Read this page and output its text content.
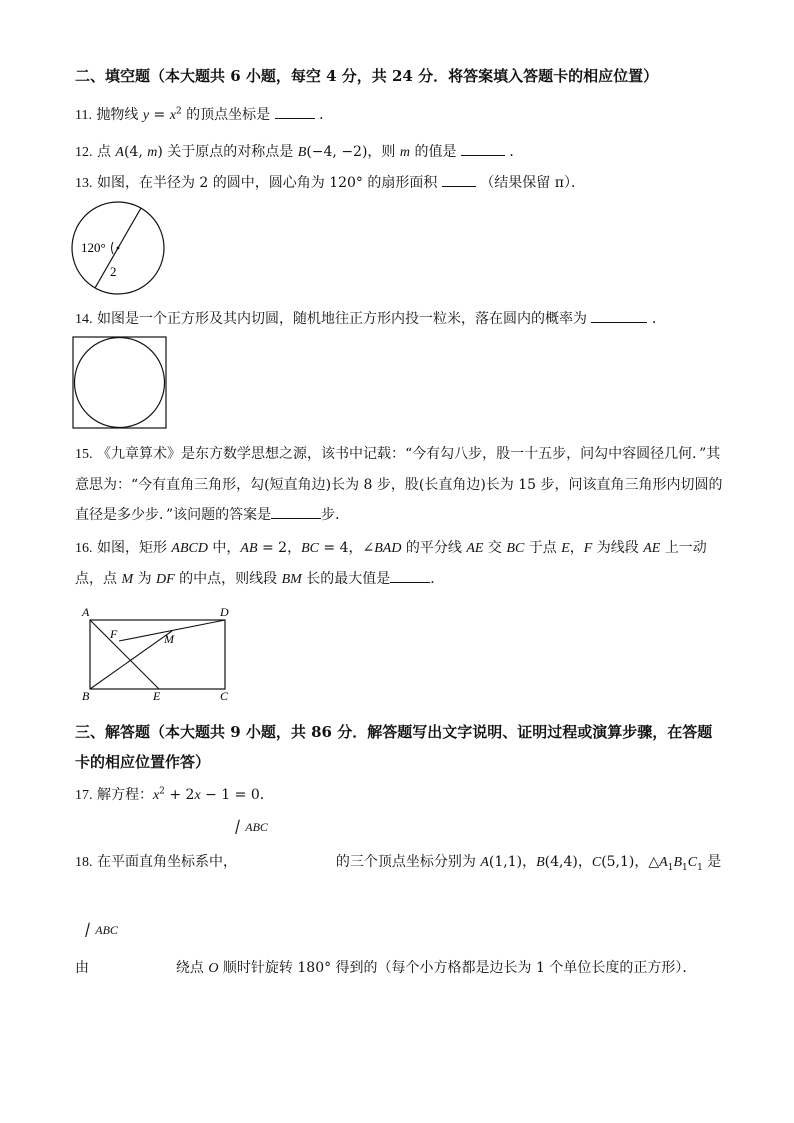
二、填空题（本大题共 6 小题，每空 4 分，共 24 分．将答案填入答题卡的相应位置）
11. 抛物线 $y = x^2$ 的顶点坐标是	．
12. 点 A(4, m) 关于原点的对称点是 B(−4, −2)，则 m 的值是	．
13. 如图，在半径为 2 的圆中，圆心角为 120° 的扇形面积	（结果保留 π）．
120°
2
14. 如图是一个正方形及其内切圆，随机地往正方形内投一粒米，落在圆内的概率为	．
15. 《九章算术》是东方数学思想之源，该书中记载：“今有勾八步，股一十五步，问勾中容圆径几何．”其意思为：“今有直角三角形，勾(短直角边)长为 8 步，股(长直角边)长为 15 步，问该直角三角形内切圆的直径是多少步．”该问题的答案是	步．
16. 如图，矩形 ABCD 中，AB = 2，BC = 4，∠BAD 的平分线 AE 交 BC 于点 E，F 为线段 AE 上一动点，点 M 为 DF 的中点，则线段 BM 长的最大值是	．
A	D
F	M
B	E	C
三、解答题（本大题共 9 小题，共 86 分．解答题写出文字说明、证明过程或演算步骤，在答题卡的相应位置作答）
17. 解方程：$x^2 + 2x - 1 = 0$．
▏ABC
18. 在平面直角坐标系中，	的三个顶点坐标分别为 A(1,1)，B(4,4)，C(5,1)，$\triangle A_1B_1C_1$ 是
▏ABC
由	绕点 O 顺时针旋转 180° 得到的（每个小方格都是边长为 1 个单位长度的正方形）．
